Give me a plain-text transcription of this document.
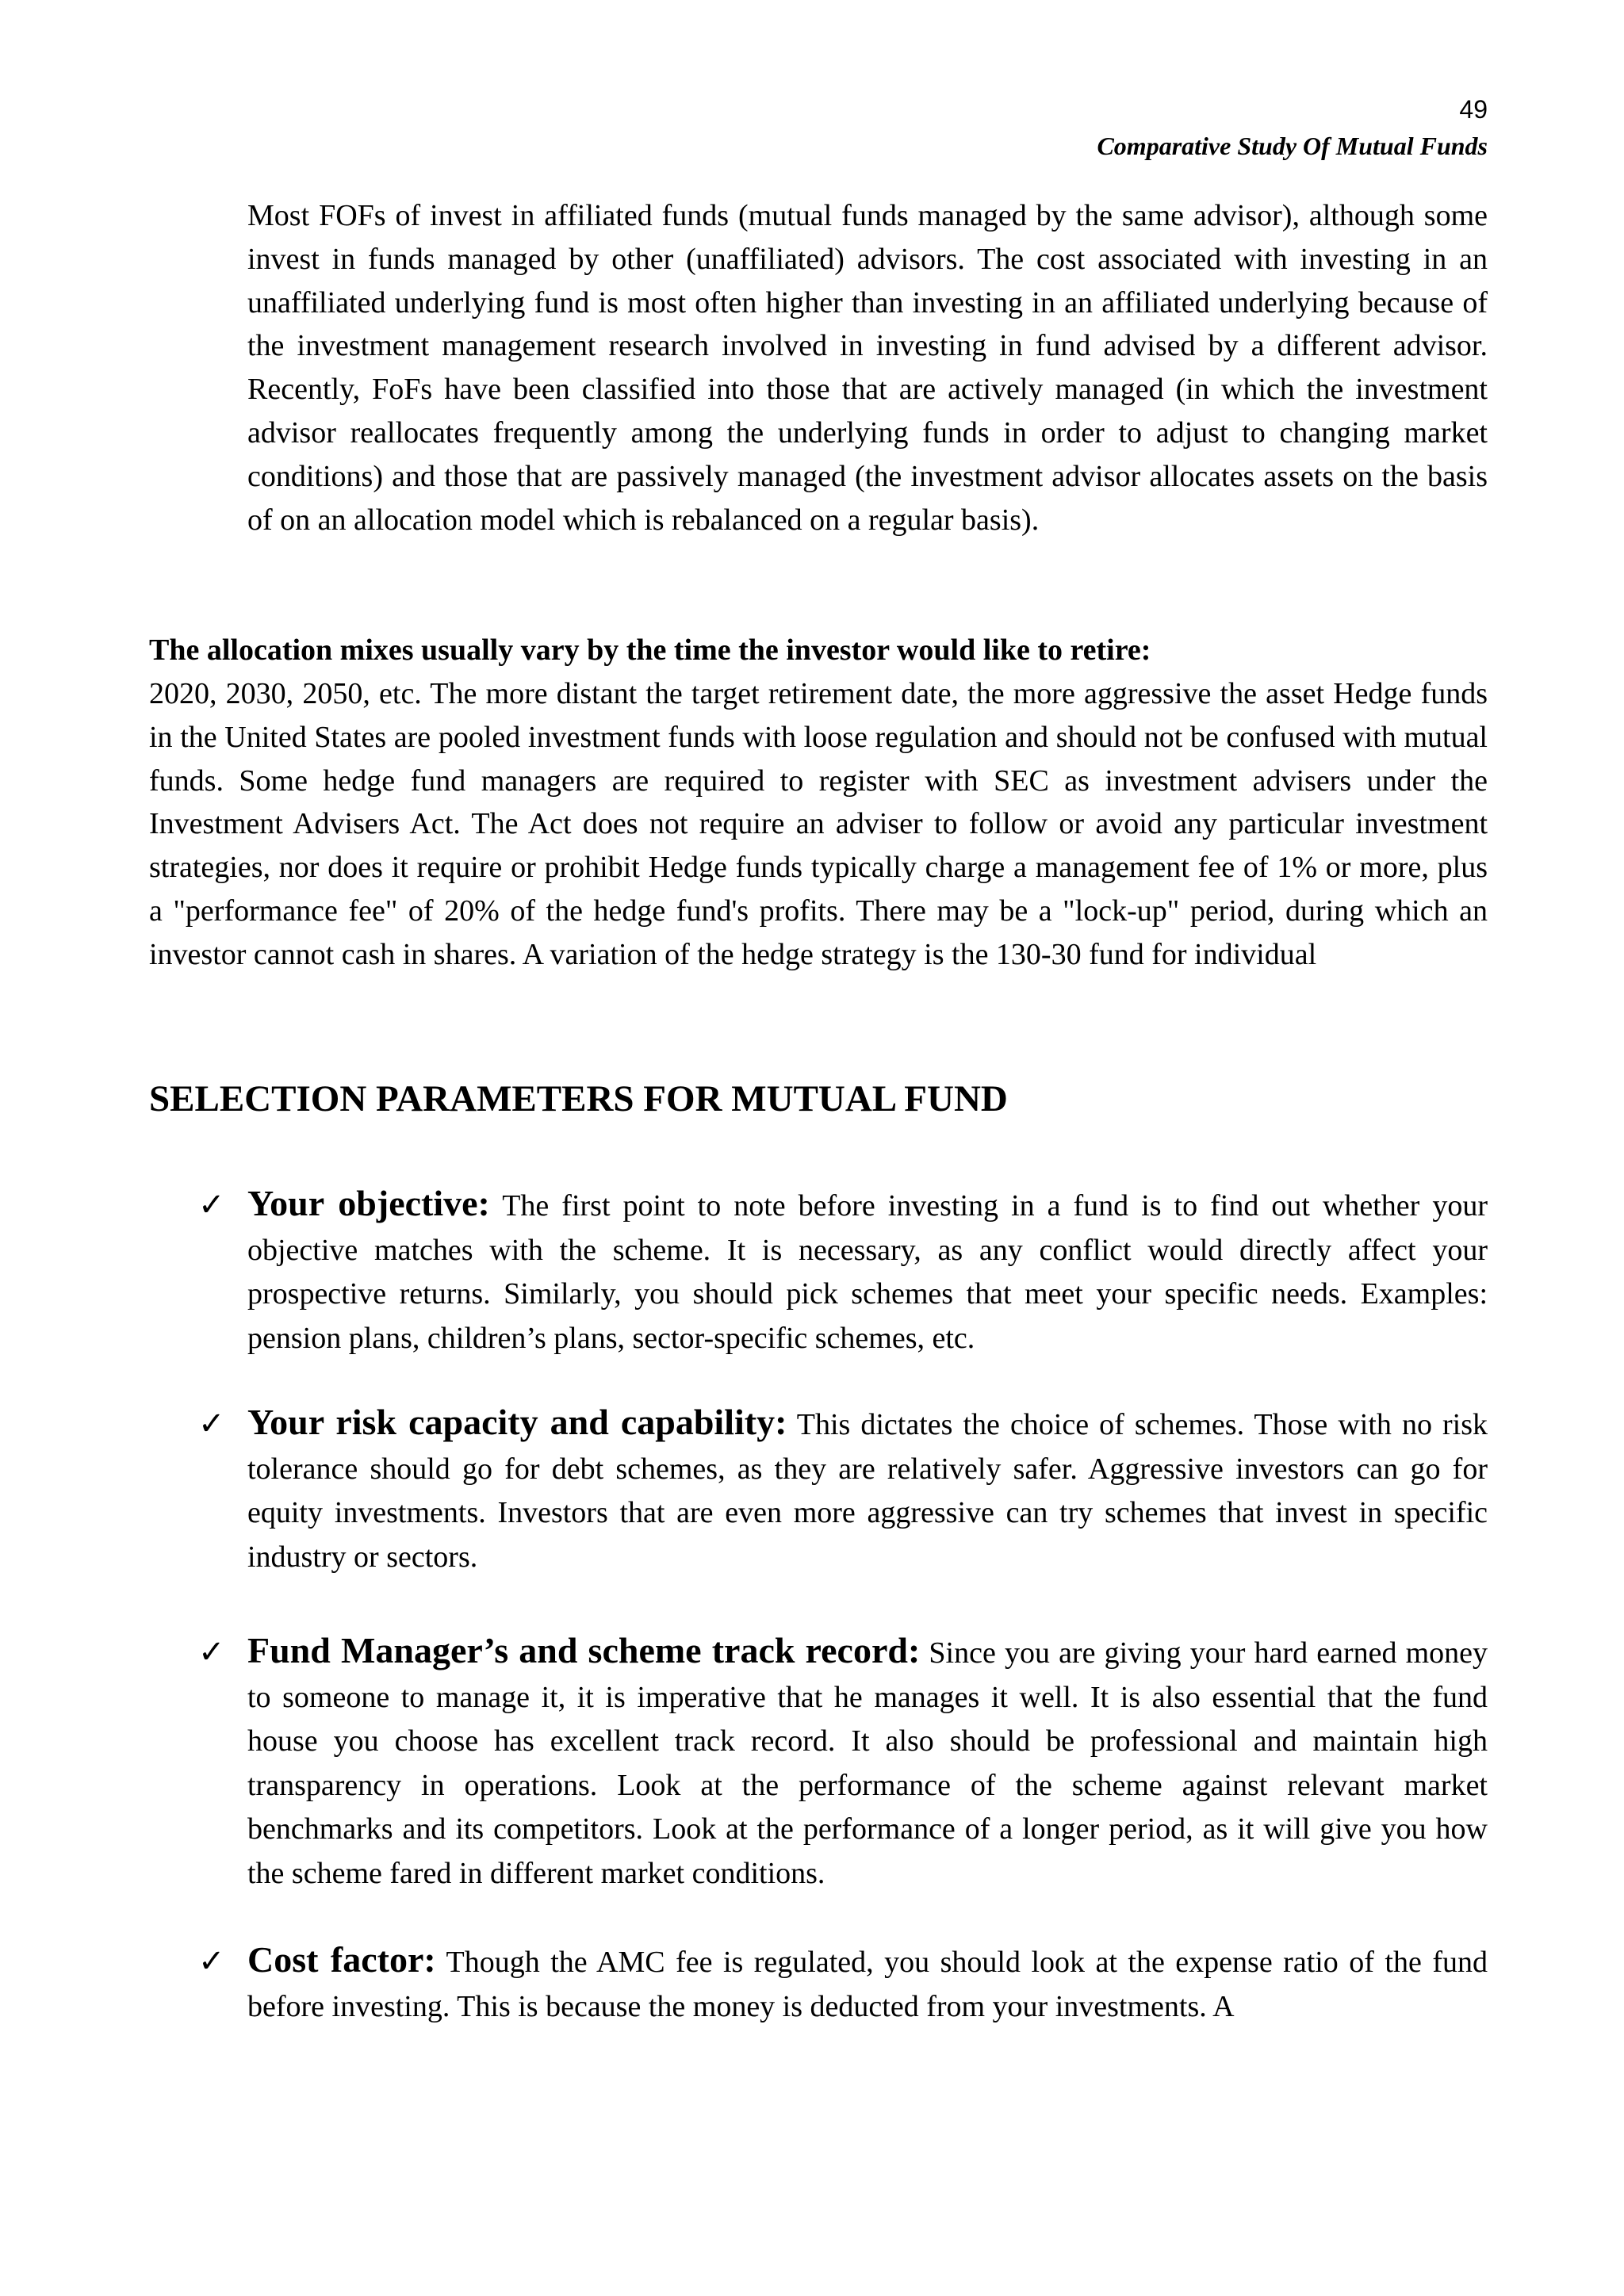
49
Comparative Study Of Mutual Funds

Most FOFs of invest in affiliated funds (mutual funds managed by the same advisor), although some invest in funds managed by other (unaffiliated) advisors. The cost associated with investing in an unaffiliated underlying fund is most often higher than investing in an affiliated underlying because of the investment management research involved in investing in fund advised by a different advisor. Recently, FoFs have been classified into those that are actively managed (in which the investment advisor reallocates frequently among the underlying funds in order to adjust to changing market conditions) and those that are passively managed (the investment advisor allocates assets on the basis of on an allocation model which is rebalanced on a regular basis).

The allocation mixes usually vary by the time the investor would like to retire:

2020, 2030, 2050, etc. The more distant the target retirement date, the more aggressive the asset Hedge funds in the United States are pooled investment funds with loose regulation and should not be confused with mutual funds. Some hedge fund managers are required to register with SEC as investment advisers under the Investment Advisers Act. The Act does not require an adviser to follow or avoid any particular investment strategies, nor does it require or prohibit Hedge funds typically charge a management fee of 1% or more, plus a "performance fee" of 20% of the hedge fund's profits. There may be a "lock-up" period, during which an investor cannot cash in shares. A variation of the hedge strategy is the 130-30 fund for individual

SELECTION PARAMETERS FOR MUTUAL FUND
✓ Your objective: The first point to note before investing in a fund is to find out whether your objective matches with the scheme. It is necessary, as any conflict would directly affect your prospective returns. Similarly, you should pick schemes that meet your specific needs. Examples: pension plans, children’s plans, sector-specific schemes, etc.

✓ Your risk capacity and capability: This dictates the choice of schemes. Those with no risk tolerance should go for debt schemes, as they are relatively safer. Aggressive investors can go for equity investments. Investors that are even more aggressive can try schemes that invest in specific industry or sectors.

✓ Fund Manager’s and scheme track record: Since you are giving your hard earned money to someone to manage it, it is imperative that he manages it well. It is also essential that the fund house you choose has excellent track record. It also should be professional and maintain high transparency in operations. Look at the performance of the scheme against relevant market benchmarks and its competitors. Look at the performance of a longer period, as it will give you how the scheme fared in different market conditions.

✓ Cost factor: Though the AMC fee is regulated, you should look at the expense ratio of the fund before investing. This is because the money is deducted from your investments. A
